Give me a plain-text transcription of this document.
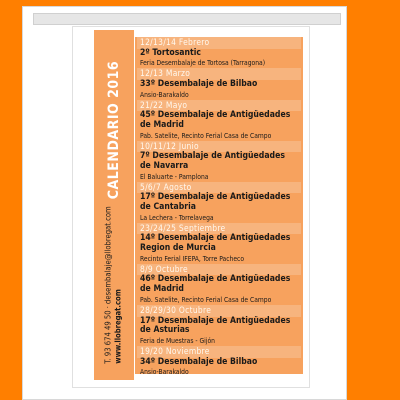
CALENDARIO 2016
T. 93 674 49 50 · desembalaje@llobregat.com www.llobregat.com
12/13/14 Febrero
2º Tortosantic
Feria Desembalaje de Tortosa (Tarragona)
12/13 Marzo
33º Desembalaje de Bilbao
Ansio-Barakaldo
21/22 Mayo
45º Desembalaje de Antigüedades de Madrid
Pab. Satelite, Recinto Ferial Casa de Campo
10/11/12 Junio
7º Desembalaje de Antigüedades de Navarra
El Baluarte - Pamplona
5/6/7 Agosto
17º Desembalaje de Antigüedades de Cantabria
La Lechera - Torrelavega
23/24/25 Septiembre
14º Desembalaje de Antigüedades Region de Murcia
Recinto Ferial IFEPA, Torre Pacheco
8/9 Octubre
46º Desembalaje de Antigüedades de Madrid
Pab. Satelite, Recinto Ferial Casa de Campo
28/29/30 Octubre
17º Desembalaje de Antigüedades de Asturias
Feria de Muestras - Gijón
19/20 Noviembre
34º Desembalaje de Bilbao
Ansio-Barakaldo
